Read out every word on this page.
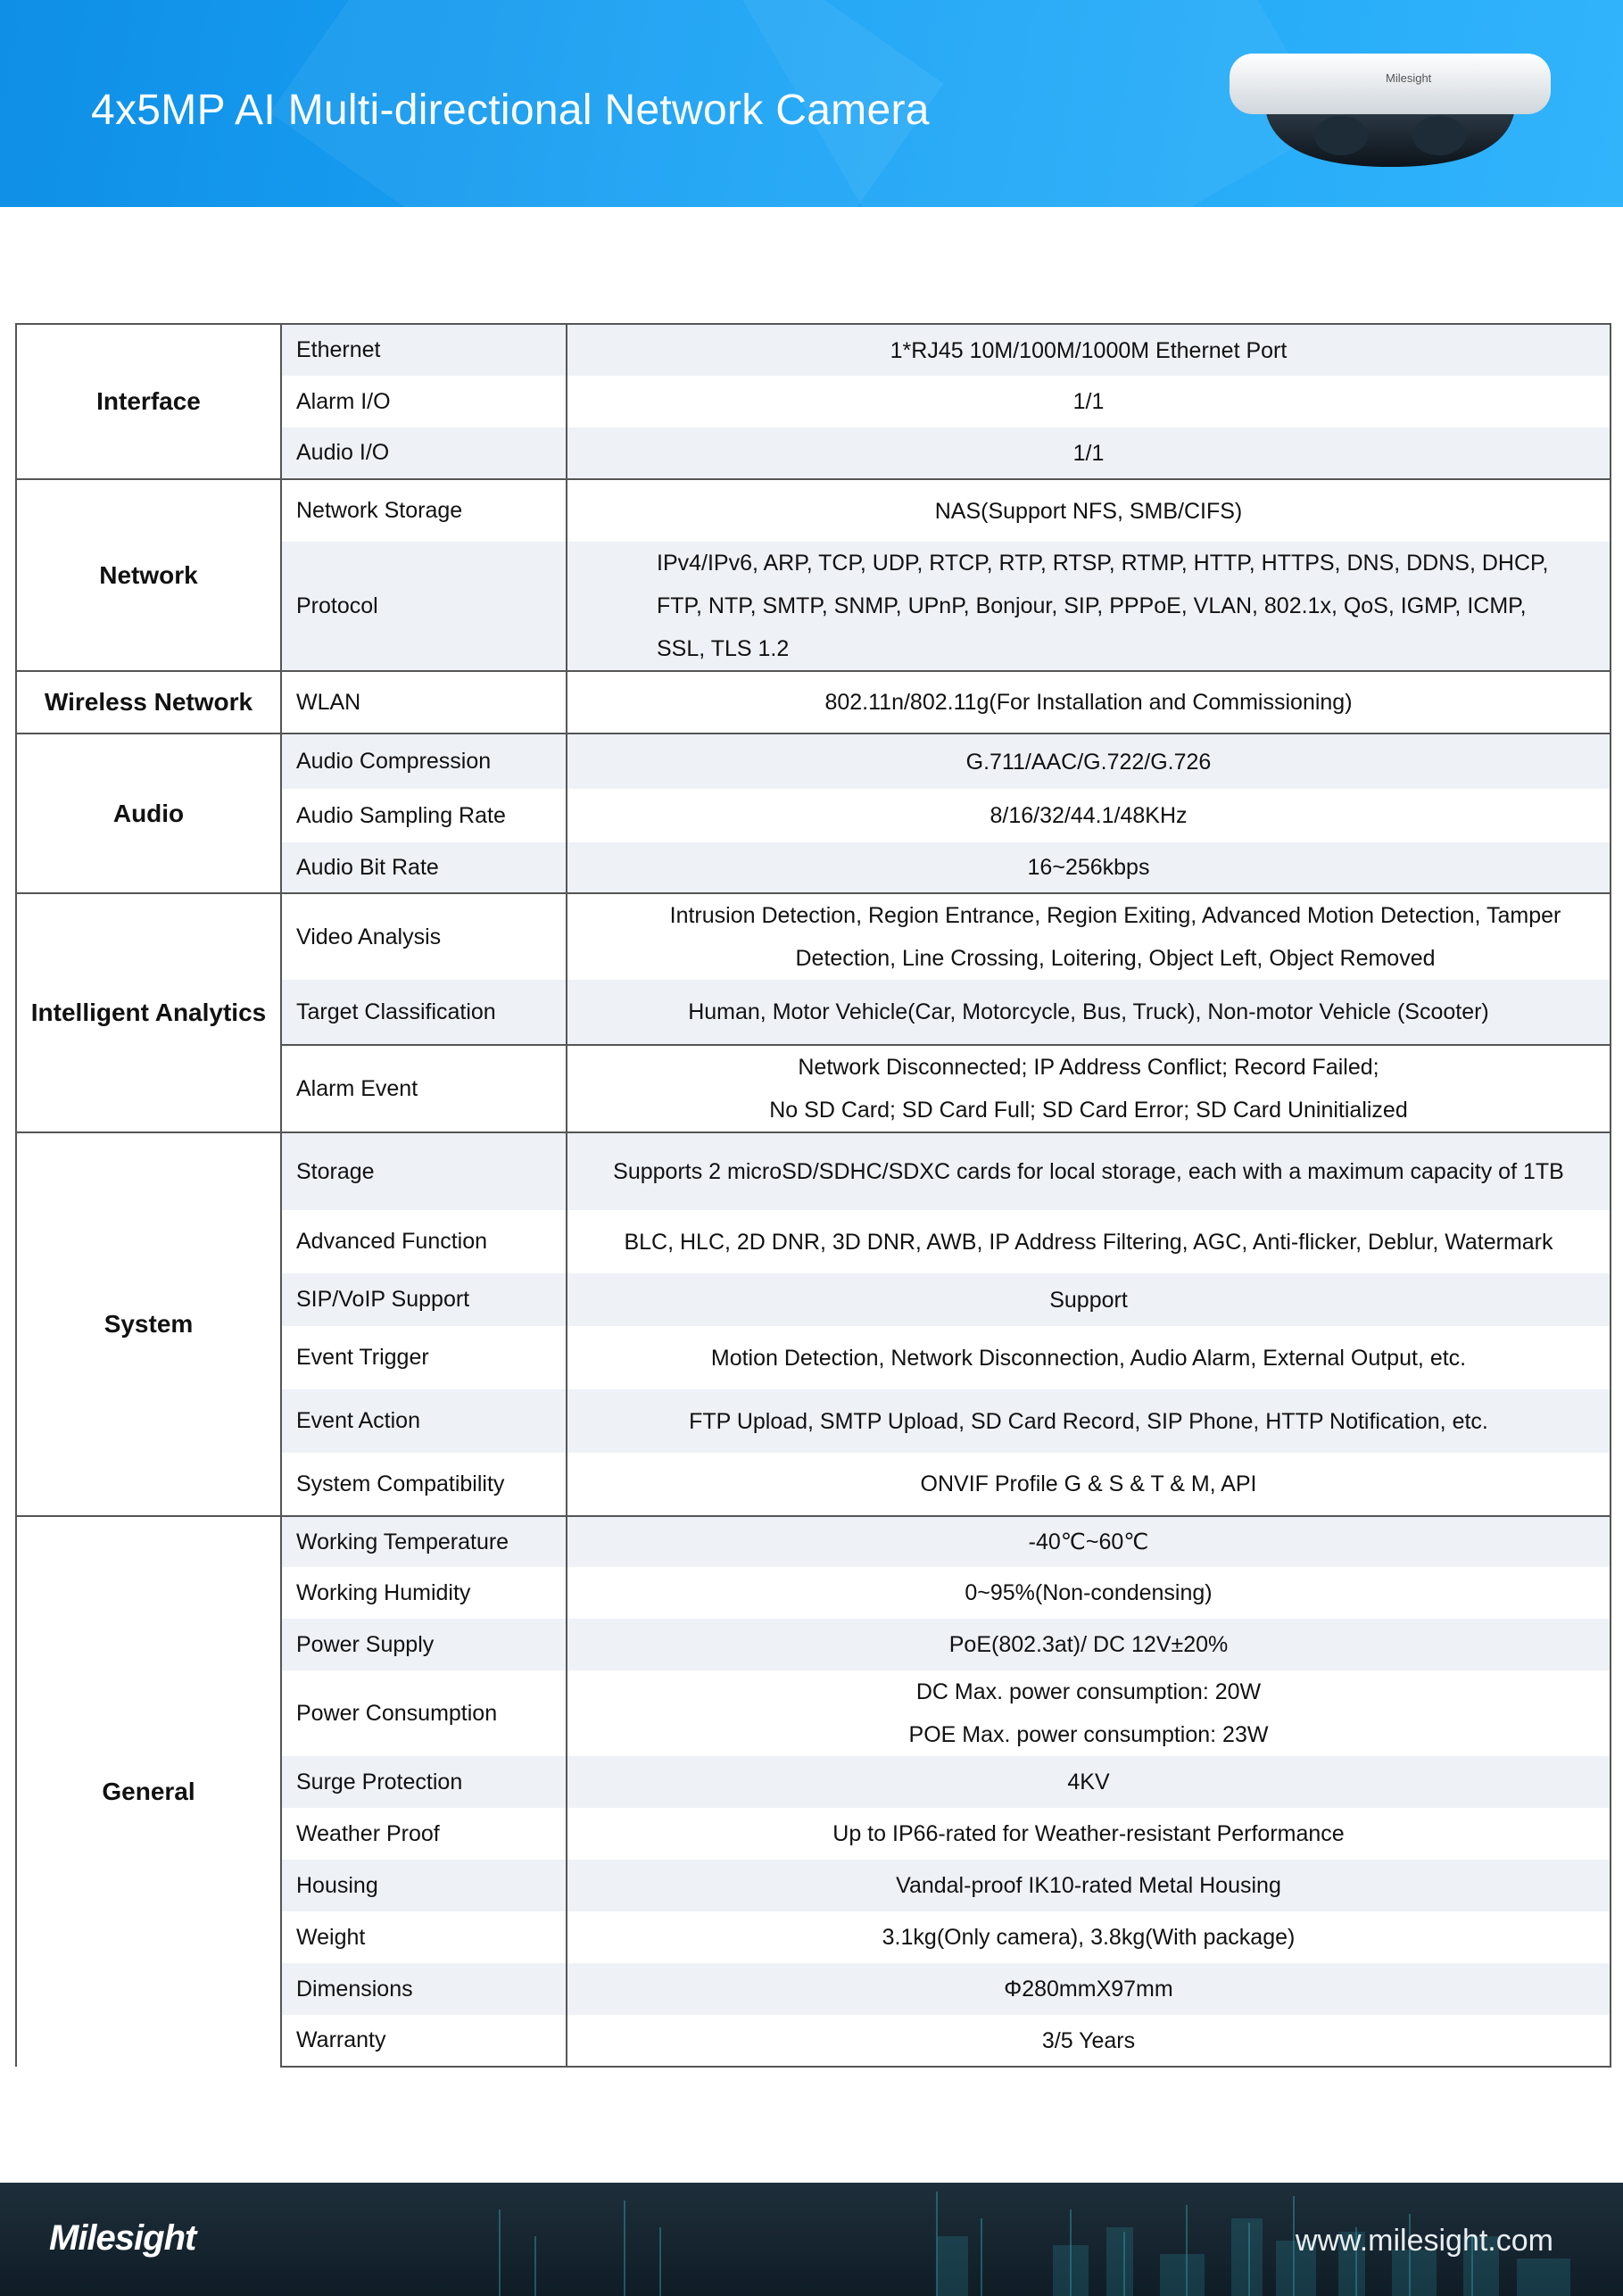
4x5MP AI Multi-directional Network Camera
Milesight
Interface	Ethernet	1*RJ45 10M/100M/1000M Ethernet Port
	Alarm I/O	1/1
	Audio I/O	1/1
Network	Network Storage	NAS(Support NFS, SMB/CIFS)
	Protocol	IPv4/IPv6, ARP, TCP, UDP, RTCP, RTP, RTSP, RTMP, HTTP, HTTPS, DNS, DDNS, DHCP, FTP, NTP, SMTP, SNMP, UPnP, Bonjour, SIP, PPPoE, VLAN, 802.1x, QoS, IGMP, ICMP, SSL, TLS 1.2
Wireless Network	WLAN	802.11n/802.11g(For Installation and Commissioning)
Audio	Audio Compression	G.711/AAC/G.722/G.726
	Audio Sampling Rate	8/16/32/44.1/48KHz
	Audio Bit Rate	16~256kbps
Intelligent Analytics	Video Analysis	Intrusion Detection, Region Entrance, Region Exiting, Advanced Motion Detection, Tamper Detection, Line Crossing, Loitering, Object Left, Object Removed
	Target Classification	Human, Motor Vehicle(Car, Motorcycle, Bus, Truck), Non-motor Vehicle (Scooter)
	Alarm Event	Network Disconnected; IP Address Conflict; Record Failed;
No SD Card; SD Card Full; SD Card Error; SD Card Uninitialized

System	Storage	Supports 2 microSD/SDHC/SDXC cards for local storage, each with a maximum capacity of 1TB
	Advanced Function	BLC, HLC, 2D DNR, 3D DNR, AWB, IP Address Filtering, AGC, Anti-flicker, Deblur, Watermark
	SIP/VoIP Support	Support
	Event Trigger	Motion Detection, Network Disconnection, Audio Alarm, External Output, etc.
	Event Action	FTP Upload, SMTP Upload, SD Card Record, SIP Phone, HTTP Notification, etc.
	System Compatibility	ONVIF Profile G & S & T & M, API
General	Working Temperature	-40℃~60℃
	Working Humidity	0~95%(Non-condensing)
	Power Supply	PoE(802.3at)/ DC 12V±20%
	Power Consumption	DC Max. power consumption: 20W
POE Max. power consumption: 23W

	Surge Protection	4KV
	Weather Proof	Up to IP66-rated for Weather-resistant Performance
	Housing	Vandal-proof IK10-rated Metal Housing
	Weight	3.1kg(Only camera), 3.8kg(With package)
	Dimensions	Φ280mmX97mm
	Warranty	3/5 Years
Milesight	www.milesight.com
